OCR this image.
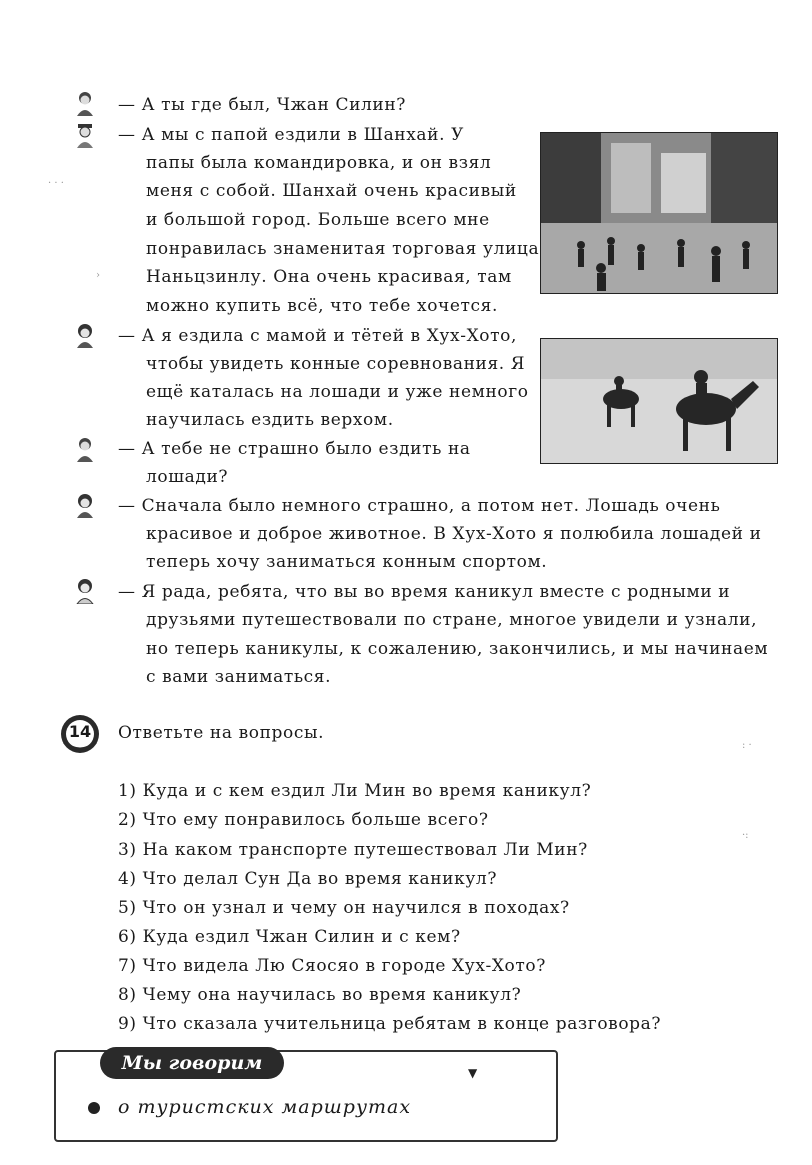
— А ты где был, Чжан Силин?
— А мы с папой ездили в Шанхай. У
папы была командировка, и он взял
меня с собой. Шанхай очень красивый
и большой город. Больше всего мне
понравилась знаменитая торговая улица
Наньцзинлу. Она очень красивая, там
можно купить всё, что тебе хочется.
— А я ездила с мамой и тётей в Хух-Хото,
чтобы увидеть конные соревнования. Я
ещё каталась на лошади и уже немного
научилась ездить верхом.
— А тебе не страшно было ездить на
лошади?
— Сначала было немного страшно, а потом нет. Лошадь очень
красивое и доброе животное. В Хух-Хото я полюбила лошадей и
теперь хочу заниматься конным спортом.
— Я рада, ребята, что вы во время каникул вместе с родными и
друзьями путешествовали по стране, многое увидели и узнали,
но теперь каникулы, к сожалению, закончились, и мы начинаем
с вами заниматься.
14 Ответьте на вопросы.
1) Куда и с кем ездил Ли Мин во время каникул?
2) Что ему понравилось больше всего?
3) На каком транспорте путешествовал Ли Мин?
4) Что делал Сун Да во время каникул?
5) Что он узнал и чему он научился в походах?
6) Куда ездил Чжан Силин и с кем?
7) Что видела Лю Сяосяо в городе Хух-Хото?
8) Чему она научилась во время каникул?
9) Что сказала учительница ребятам в конце разговора?
Мы говорим	▼
о туристских маршрутах
· · ·
›
: ·
·:
